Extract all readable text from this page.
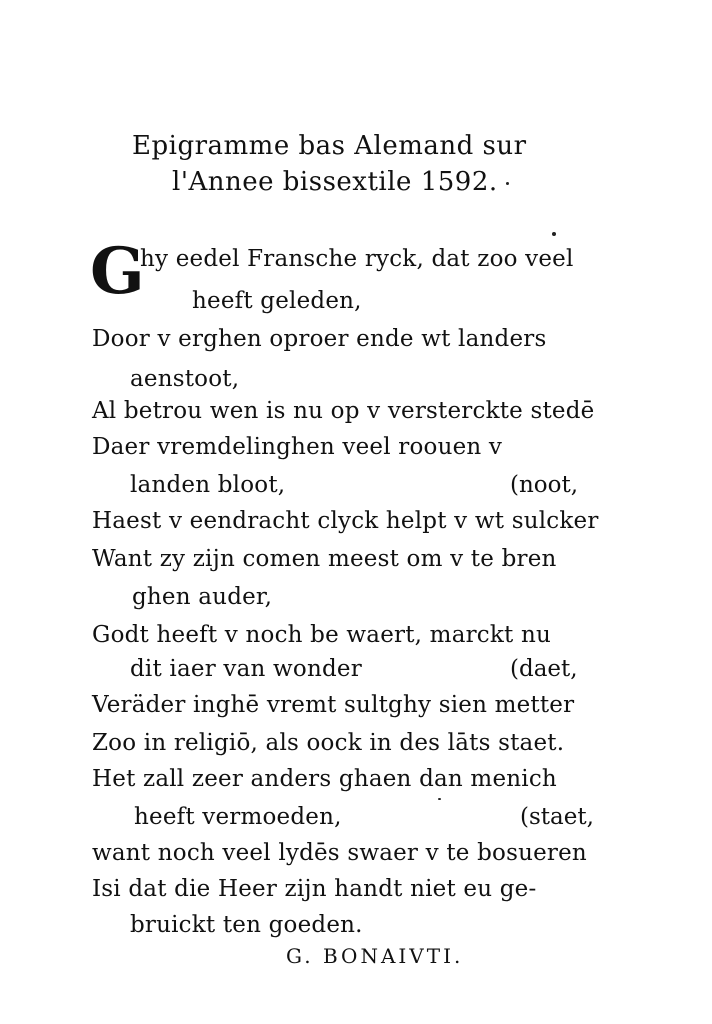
Epigramme bas Alemand sur
l'Annee bissextile 1592.
G
hy eedel Fransche ryck, dat zoo veel
heeft geleden,
Door v erghen oproer ende wt landers
aenstoot,
Al betrou wen is nu op v versterckte stedē
Daer vremdelinghen veel roouen v
landen bloot,	(noot,
Haest v eendracht clyck helpt v wt sulcker
Want zy zijn comen meest om v te bren
ghen auder,
Godt heeft v noch be waert, marckt nu
dit iaer van wonder	(daet,
Veräder inghē vremt sultghy sien metter
Zoo in religiō, als oock in des lāts staet.
Het zall zeer anders ghaen dan menich
heeft vermoeden,	(staet,
want noch veel lydēs swaer v te bosueren
Isi dat die Heer zijn handt niet eu ge-
bruickt ten goeden.
G. BONAIVTI.
